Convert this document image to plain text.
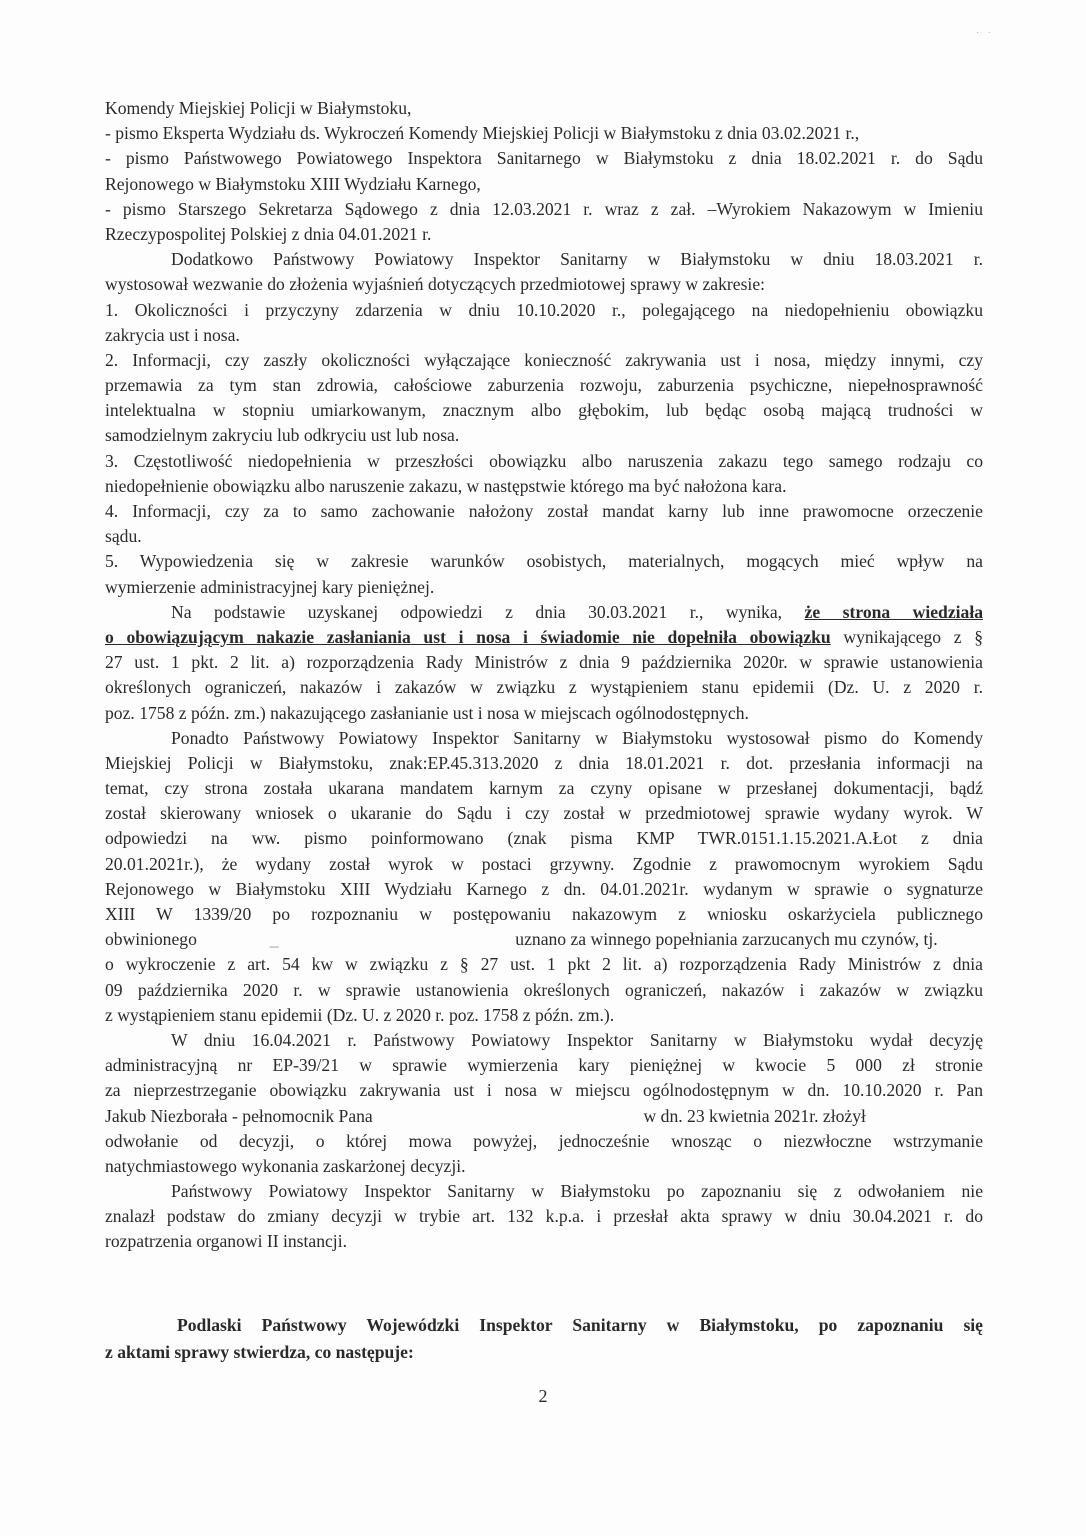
· ·
Komendy Miejskiej Policji w Białymstoku,
- pismo Eksperta Wydziału ds. Wykroczeń Komendy Miejskiej Policji w Białymstoku z dnia 03.02.2021 r.,
- pismo Państwowego Powiatowego Inspektora Sanitarnego w Białymstoku z dnia 18.02.2021 r. do Sądu
Rejonowego w Białymstoku XIII Wydziału Karnego,
- pismo Starszego Sekretarza Sądowego z dnia 12.03.2021 r. wraz z zał. –Wyrokiem Nakazowym w Imieniu
Rzeczypospolitej Polskiej z dnia 04.01.2021 r.
Dodatkowo Państwowy Powiatowy Inspektor Sanitarny w Białymstoku w dniu 18.03.2021 r.
wystosował wezwanie do złożenia wyjaśnień dotyczących przedmiotowej sprawy w zakresie:
1. Okoliczności i przyczyny zdarzenia w dniu 10.10.2020 r., polegającego na niedopełnieniu obowiązku
zakrycia ust i nosa.
2. Informacji, czy zaszły okoliczności wyłączające konieczność zakrywania ust i nosa, między innymi, czy
przemawia za tym stan zdrowia, całościowe zaburzenia rozwoju, zaburzenia psychiczne, niepełnosprawność
intelektualna w stopniu umiarkowanym, znacznym albo głębokim, lub będąc osobą mającą trudności w
samodzielnym zakryciu lub odkryciu ust lub nosa.
3. Częstotliwość niedopełnienia w przeszłości obowiązku albo naruszenia zakazu tego samego rodzaju co
niedopełnienie obowiązku albo naruszenie zakazu, w następstwie którego ma być nałożona kara.
4. Informacji, czy za to samo zachowanie nałożony został mandat karny lub inne prawomocne orzeczenie
sądu.
5. Wypowiedzenia się w zakresie warunków osobistych, materialnych, mogących mieć wpływ na
wymierzenie administracyjnej kary pieniężnej.
Na podstawie uzyskanej odpowiedzi z dnia 30.03.2021 r., wynika, że strona wiedziała
o obowiązującym nakazie zasłaniania ust i nosa i świadomie nie dopełniła obowiązku wynikającego z §
27 ust. 1 pkt. 2 lit. a) rozporządzenia Rady Ministrów z dnia 9 października 2020r. w sprawie ustanowienia
określonych ograniczeń, nakazów i zakazów w związku z wystąpieniem stanu epidemii (Dz. U. z 2020 r.
poz. 1758 z późn. zm.) nakazującego zasłanianie ust i nosa w miejscach ogólnodostępnych.
Ponadto Państwowy Powiatowy Inspektor Sanitarny w Białymstoku wystosował pismo do Komendy
Miejskiej Policji w Białymstoku, znak:EP.45.313.2020 z dnia 18.01.2021 r. dot. przesłania informacji na
temat, czy strona została ukarana mandatem karnym za czyny opisane w przesłanej dokumentacji, bądź
został skierowany wniosek o ukaranie do Sądu i czy został w przedmiotowej sprawie wydany wyrok. W
odpowiedzi na ww. pismo poinformowano (znak pisma KMP TWR.0151.1.15.2021.A.Łot z dnia
20.01.2021r.), że wydany został wyrok w postaci grzywny. Zgodnie z prawomocnym wyrokiem Sądu
Rejonowego w Białymstoku XIII Wydziału Karnego z dn. 04.01.2021r. wydanym w sprawie o sygnaturze
XIII W 1339/20 po rozpoznaniu w postępowaniu nakazowym z wniosku oskarżyciela publicznego
obwinionego	_	uznano za winnego popełniania zarzucanych mu czynów, tj.
o wykroczenie z art. 54 kw w związku z § 27 ust. 1 pkt 2 lit. a) rozporządzenia Rady Ministrów z dnia
09 października 2020 r. w sprawie ustanowienia określonych ograniczeń, nakazów i zakazów w związku
z wystąpieniem stanu epidemii (Dz. U. z 2020 r. poz. 1758 z późn. zm.).
W dniu 16.04.2021 r. Państwowy Powiatowy Inspektor Sanitarny w Białymstoku wydał decyzję
administracyjną nr EP-39/21 w sprawie wymierzenia kary pieniężnej w kwocie 5 000 zł stronie
za nieprzestrzeganie obowiązku zakrywania ust i nosa w miejscu ogólnodostępnym w dn. 10.10.2020 r. Pan
Jakub Niezborała - pełnomocnik Pana	w dn. 23 kwietnia 2021r. złożył
odwołanie od decyzji, o której mowa powyżej, jednocześnie wnosząc o niezwłoczne wstrzymanie
natychmiastowego wykonania zaskarżonej decyzji.
Państwowy Powiatowy Inspektor Sanitarny w Białymstoku po zapoznaniu się z odwołaniem nie
znalazł podstaw do zmiany decyzji w trybie art. 132 k.p.a. i przesłał akta sprawy w dniu 30.04.2021 r. do
rozpatrzenia organowi II instancji.
Podlaski Państwowy Wojewódzki Inspektor Sanitarny w Białymstoku, po zapoznaniu się
z aktami sprawy stwierdza, co następuje:
2
